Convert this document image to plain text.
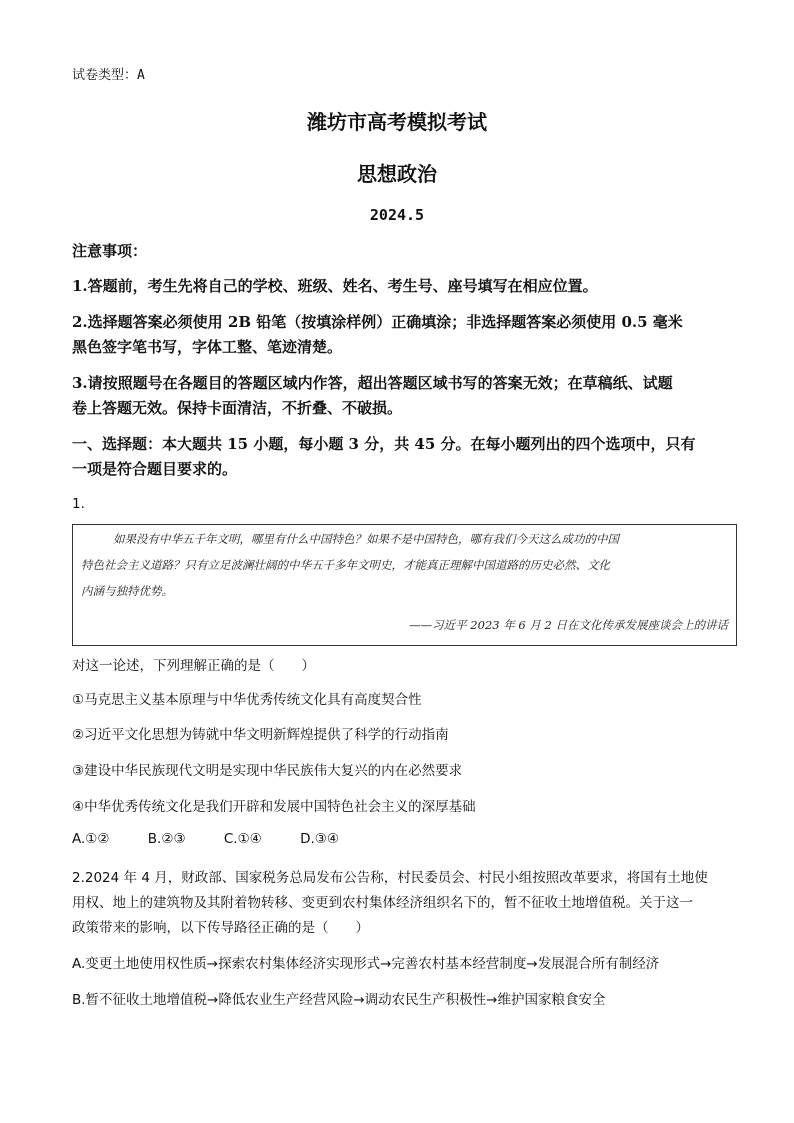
试卷类型：A
潍坊市高考模拟考试
思想政治
2024.5
注意事项：
1.答题前，考生先将自己的学校、班级、姓名、考生号、座号填写在相应位置。
2.选择题答案必须使用 2B 铅笔（按填涂样例）正确填涂；非选择题答案必须使用 0.5 毫米
黑色签字笔书写，字体工整、笔迹清楚。
3.请按照题号在各题目的答题区域内作答，超出答题区域书写的答案无效；在草稿纸、试题
卷上答题无效。保持卡面清洁，不折叠、不破损。
一、选择题：本大题共 15 小题，每小题 3 分，共 45 分。在每小题列出的四个选项中，只有
一项是符合题目要求的。
1.
如果没有中华五千年文明，哪里有什么中国特色？如果不是中国特色，哪有我们今天这么成功的中国
特色社会主义道路？只有立足波澜壮阔的中华五千多年文明史，才能真正理解中国道路的历史必然、文化
内涵与独特优势。
——习近平 2023 年 6 月 2 日在文化传承发展座谈会上的讲话
对这一论述，下列理解正确的是（　　）
①马克思主义基本原理与中华优秀传统文化具有高度契合性
②习近平文化思想为铸就中华文明新辉煌提供了科学的行动指南
③建设中华民族现代文明是实现中华民族伟大复兴的内在必然要求
④中华优秀传统文化是我们开辟和发展中国特色社会主义的深厚基础
A.①②	B.②③	C.①④	D.③④
2.2024 年 4 月，财政部、国家税务总局发布公告称，村民委员会、村民小组按照改革要求，将国有土地使
用权、地上的建筑物及其附着物转移、变更到农村集体经济组织名下的，暂不征收土地增值税。关于这一
政策带来的影响，以下传导路径正确的是（　　）
A.变更土地使用权性质→探索农村集体经济实现形式→完善农村基本经营制度→发展混合所有制经济
B.暂不征收土地增值税→降低农业生产经营风险→调动农民生产积极性→维护国家粮食安全
